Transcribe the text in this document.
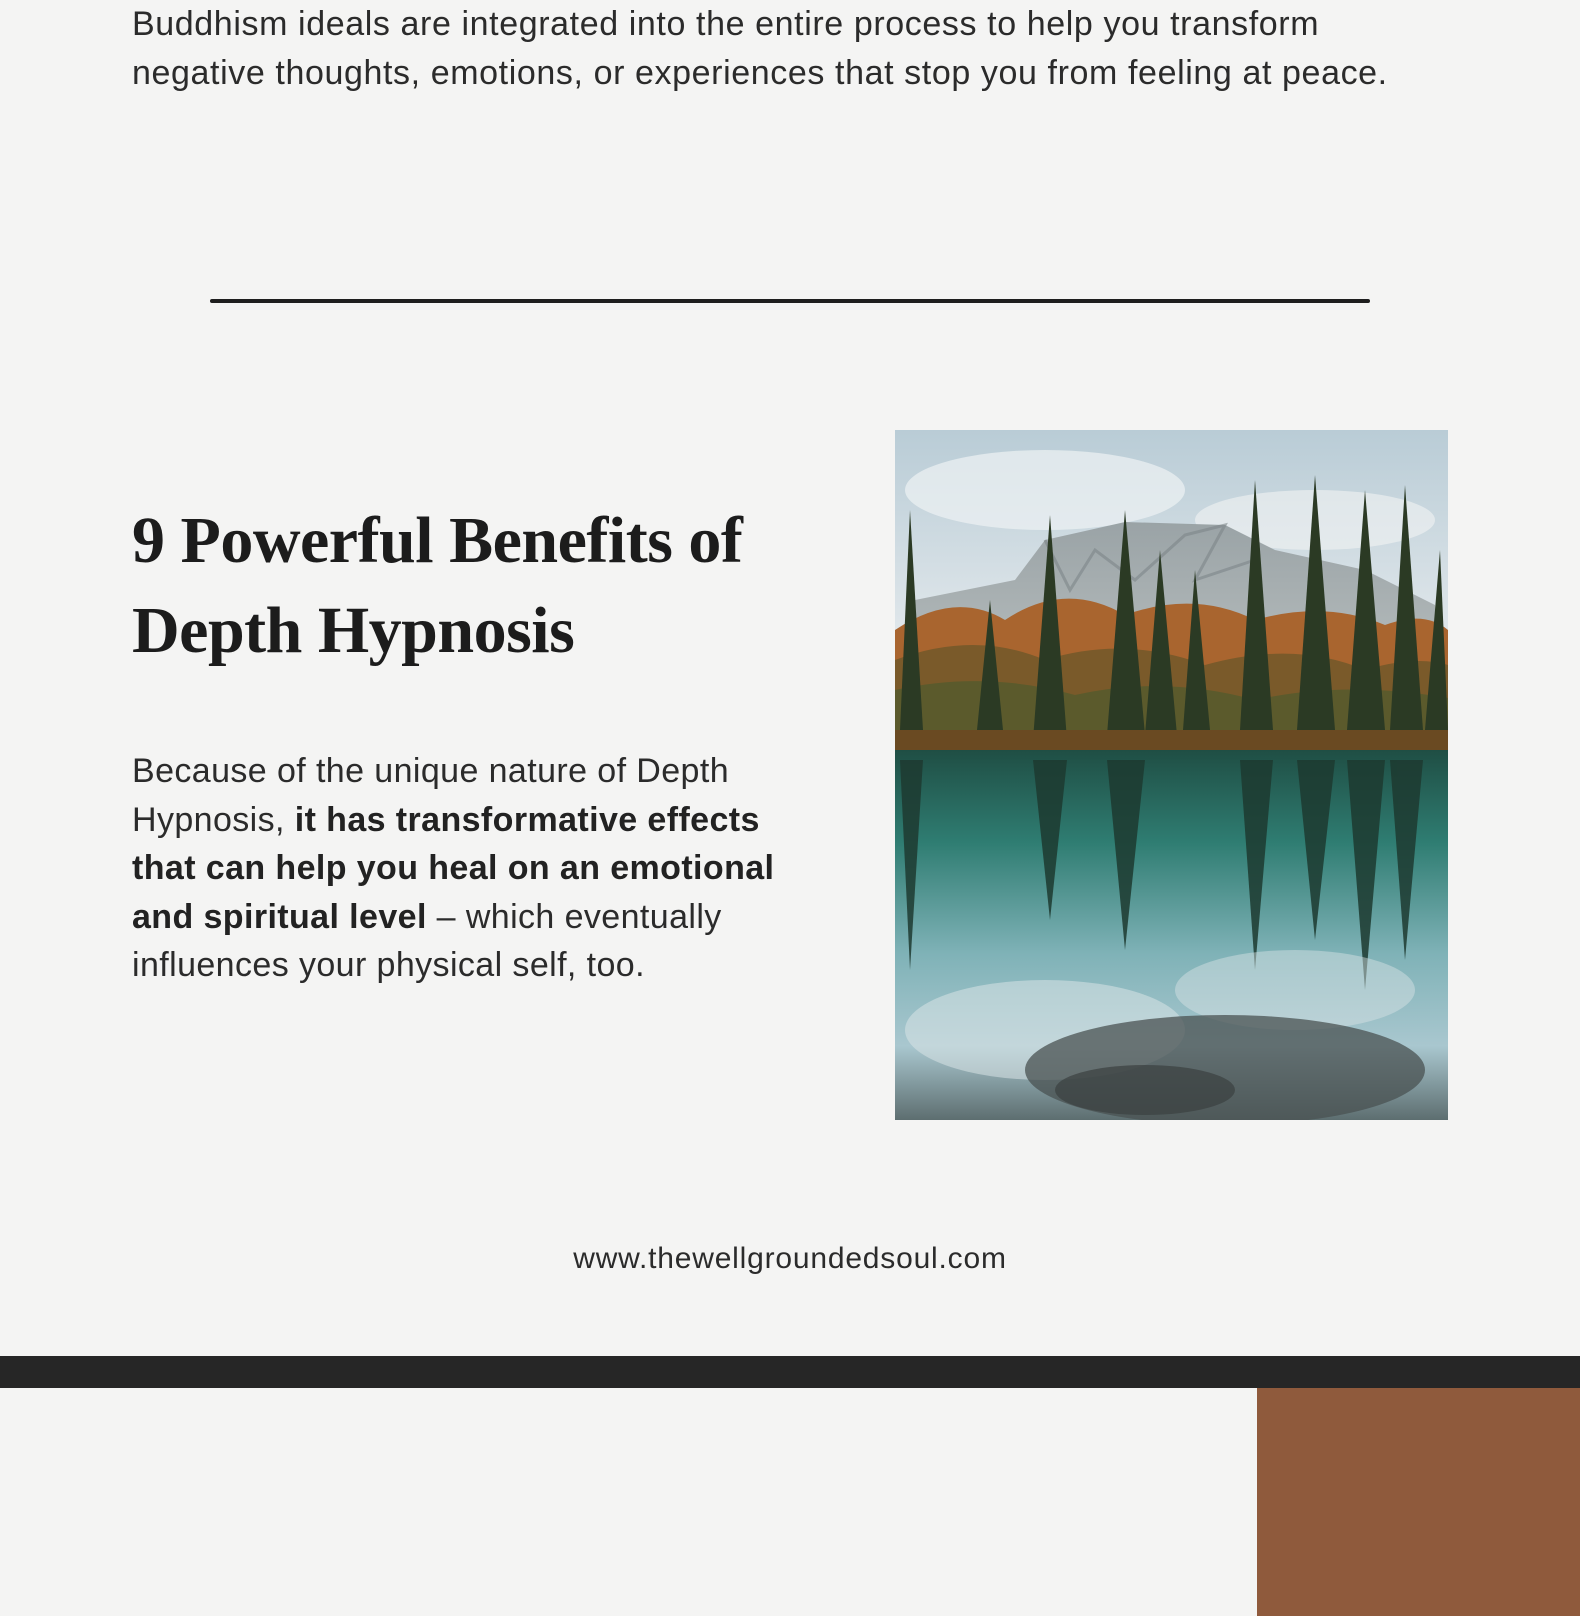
Buddhism ideals are integrated into the entire process to help you transform negative thoughts, emotions, or experiences that stop you from feeling at peace.

9 Powerful Benefits of Depth Hypnosis

Because of the unique nature of Depth Hypnosis, it has transformative effects that can help you heal on an emotional and spiritual level – which eventually influences your physical self, too.

www.thewellgroundedsoul.com
